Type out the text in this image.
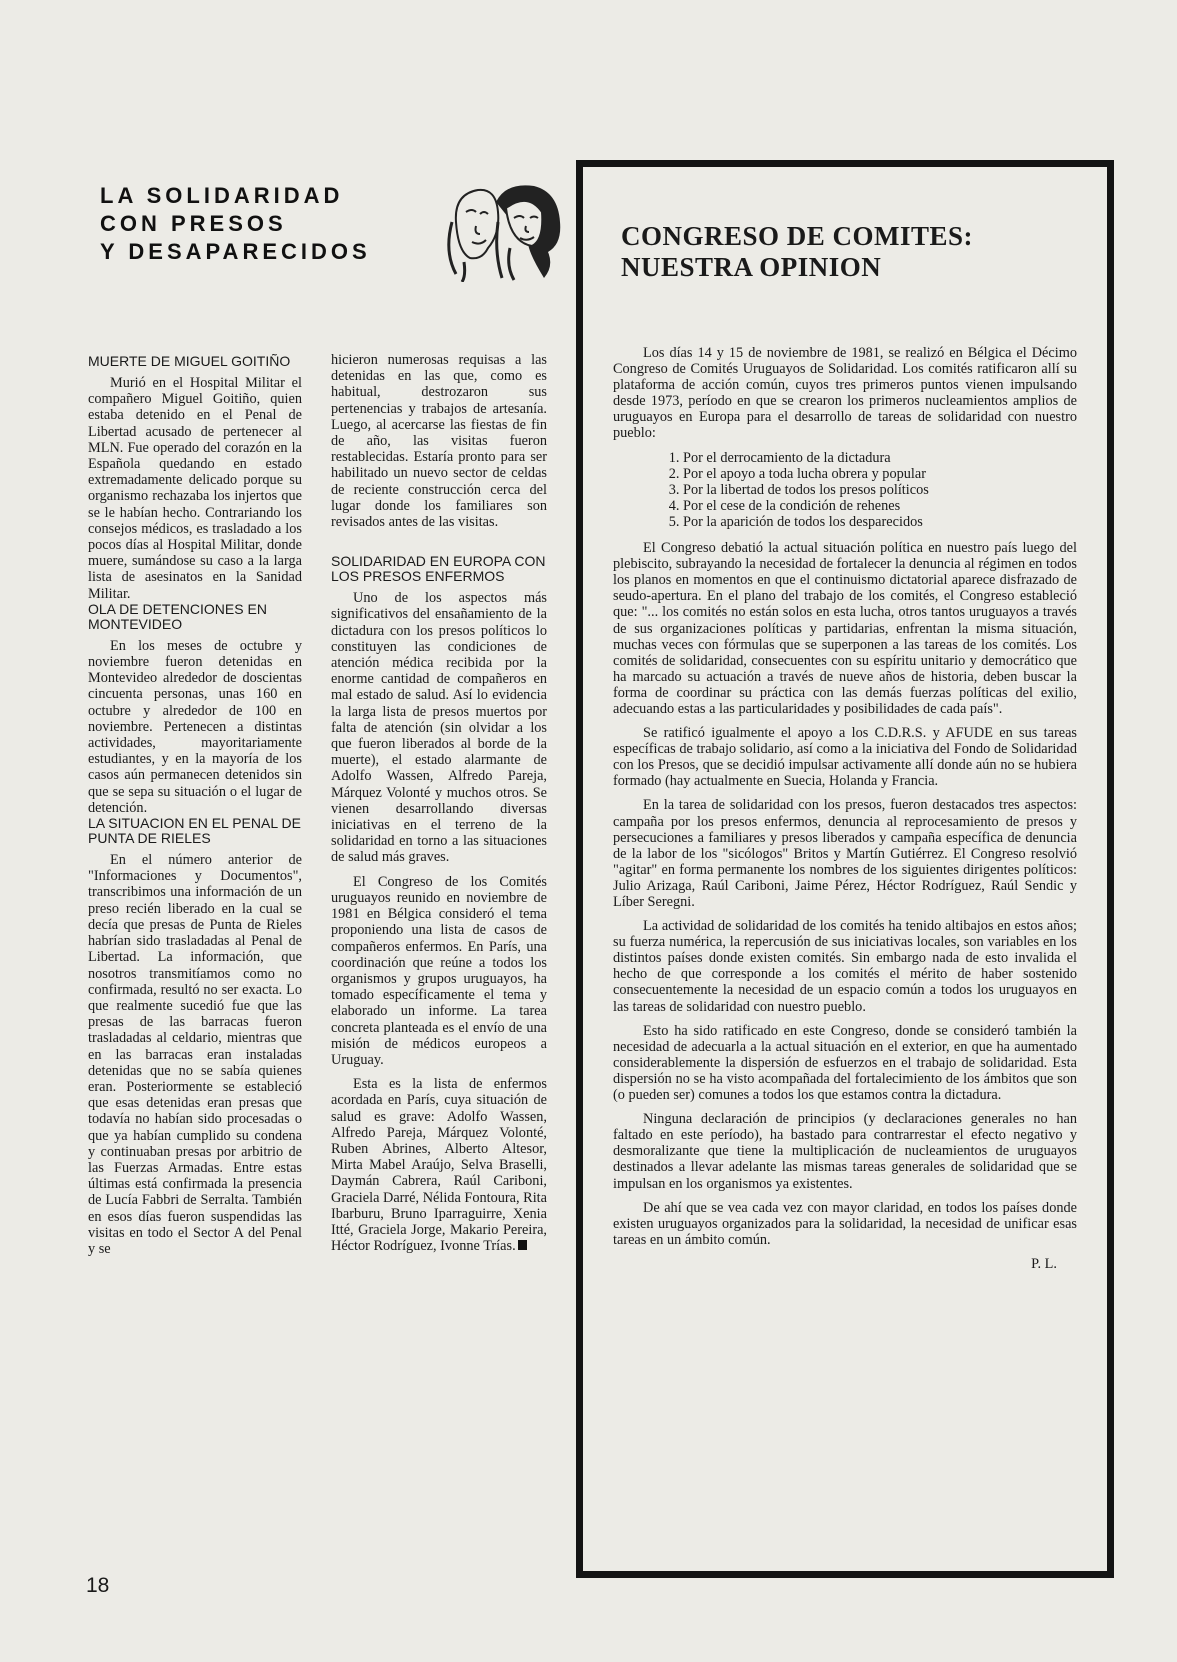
LA SOLIDARIDAD
CON PRESOS
Y DESAPARECIDOS
MUERTE DE MIGUEL GOITIÑO

Murió en el Hospital Militar el compañero Miguel Goitiño, quien estaba detenido en el Penal de Libertad acusado de pertenecer al MLN. Fue operado del corazón en la Española quedando en estado extremadamente delicado porque su organismo rechazaba los injertos que se le habían hecho. Contrariando los consejos médicos, es trasladado a los pocos días al Hospital Militar, donde muere, sumándose su caso a la larga lista de asesinatos en la Sanidad Militar.

OLA DE DETENCIONES EN MONTEVIDEO

En los meses de octubre y noviembre fueron detenidas en Montevideo alrededor de doscientas cincuenta personas, unas 160 en octubre y alrededor de 100 en noviembre. Pertenecen a distintas actividades, mayoritariamente estudiantes, y en la mayoría de los casos aún permanecen detenidos sin que se sepa su situación o el lugar de detención.

LA SITUACION EN EL PENAL DE PUNTA DE RIELES

En el número anterior de "Informaciones y Documentos", transcribimos una información de un preso recién liberado en la cual se decía que presas de Punta de Rieles habrían sido trasladadas al Penal de Libertad. La información, que nosotros transmitíamos como no confirmada, resultó no ser exacta. Lo que realmente sucedió fue que las presas de las barracas fueron trasladadas al celdario, mientras que en las barracas eran instaladas detenidas que no se sabía quienes eran. Posteriormente se estableció que esas detenidas eran presas que todavía no habían sido procesadas o que ya habían cumplido su condena y continuaban presas por arbitrio de las Fuerzas Armadas. Entre estas últimas está confirmada la presencia de Lucía Fabbri de Serralta. También en esos días fueron suspendidas las visitas en todo el Sector A del Penal y se

hicieron numerosas requisas a las detenidas en las que, como es habitual, destrozaron sus pertenencias y trabajos de artesanía. Luego, al acercarse las fiestas de fin de año, las visitas fueron restablecidas. Estaría pronto para ser habilitado un nuevo sector de celdas de reciente construcción cerca del lugar donde los familiares son revisados antes de las visitas.

SOLIDARIDAD EN EUROPA CON LOS PRESOS ENFERMOS

Uno de los aspectos más significativos del ensañamiento de la dictadura con los presos políticos lo constituyen las condiciones de atención médica recibida por la enorme cantidad de compañeros en mal estado de salud. Así lo evidencia la larga lista de presos muertos por falta de atención (sin olvidar a los que fueron liberados al borde de la muerte), el estado alarmante de Adolfo Wassen, Alfredo Pareja, Márquez Volonté y muchos otros. Se vienen desarrollando diversas iniciativas en el terreno de la solidaridad en torno a las situaciones de salud más graves.

El Congreso de los Comités uruguayos reunido en noviembre de 1981 en Bélgica consideró el tema proponiendo una lista de casos de compañeros enfermos. En París, una coordinación que reúne a todos los organismos y grupos uruguayos, ha tomado específicamente el tema y elaborado un informe. La tarea concreta planteada es el envío de una misión de médicos europeos a Uruguay.

Esta es la lista de enfermos acordada en París, cuya situación de salud es grave: Adolfo Wassen, Alfredo Pareja, Márquez Volonté, Ruben Abrines, Alberto Altesor, Mirta Mabel Araújo, Selva Braselli, Daymán Cabrera, Raúl Cariboni, Graciela Darré, Nélida Fontoura, Rita Ibarburu, Bruno Iparraguirre, Xenia Itté, Graciela Jorge, Makario Pereira, Héctor Rodríguez, Ivonne Trías.

CONGRESO DE COMITES:
NUESTRA OPINION

Los días 14 y 15 de noviembre de 1981, se realizó en Bélgica el Décimo Congreso de Comités Uruguayos de Solidaridad. Los comités ratificaron allí su plataforma de acción común, cuyos tres primeros puntos vienen impulsando desde 1973, período en que se crearon los primeros nucleamientos amplios de uruguayos en Europa para el desarrollo de tareas de solidaridad con nuestro pueblo:

1. Por el derrocamiento de la dictadura
2. Por el apoyo a toda lucha obrera y popular
3. Por la libertad de todos los presos políticos
4. Por el cese de la condición de rehenes
5. Por la aparición de todos los desparecidos

El Congreso debatió la actual situación política en nuestro país luego del plebiscito, subrayando la necesidad de fortalecer la denuncia al régimen en todos los planos en momentos en que el continuismo dictatorial aparece disfrazado de seudo-apertura. En el plano del trabajo de los comités, el Congreso estableció que: "... los comités no están solos en esta lucha, otros tantos uruguayos a través de sus organizaciones políticas y partidarias, enfrentan la misma situación, muchas veces con fórmulas que se superponen a las tareas de los comités. Los comités de solidaridad, consecuentes con su espíritu unitario y democrático que ha marcado su actuación a través de nueve años de historia, deben buscar la forma de coordinar su práctica con las demás fuerzas políticas del exilio, adecuando estas a las particularidades y posibilidades de cada país".

Se ratificó igualmente el apoyo a los C.D.R.S. y AFUDE en sus tareas específicas de trabajo solidario, así como a la iniciativa del Fondo de Solidaridad con los Presos, que se decidió impulsar activamente allí donde aún no se hubiera formado (hay actualmente en Suecia, Holanda y Francia.

En la tarea de solidaridad con los presos, fueron destacados tres aspectos: campaña por los presos enfermos, denuncia al reprocesamiento de presos y persecuciones a familiares y presos liberados y campaña específica de denuncia de la labor de los "sicólogos" Britos y Martín Gutiérrez. El Congreso resolvió "agitar" en forma permanente los nombres de los siguientes dirigentes políticos: Julio Arizaga, Raúl Cariboni, Jaime Pérez, Héctor Rodríguez, Raúl Sendic y Líber Seregni.

La actividad de solidaridad de los comités ha tenido altibajos en estos años; su fuerza numérica, la repercusión de sus iniciativas locales, son variables en los distintos países donde existen comités. Sin embargo nada de esto invalida el hecho de que corresponde a los comités el mérito de haber sostenido consecuentemente la necesidad de un espacio común a todos los uruguayos en las tareas de solidaridad con nuestro pueblo.

Esto ha sido ratificado en este Congreso, donde se consideró también la necesidad de adecuarla a la actual situación en el exterior, en que ha aumentado considerablemente la dispersión de esfuerzos en el trabajo de solidaridad. Esta dispersión no se ha visto acompañada del fortalecimiento de los ámbitos que son (o pueden ser) comunes a todos los que estamos contra la dictadura.

Ninguna declaración de principios (y declaraciones generales no han faltado en este período), ha bastado para contrarrestar el efecto negativo y desmoralizante que tiene la multiplicación de nucleamientos de uruguayos destinados a llevar adelante las mismas tareas generales de solidaridad que se impulsan en los organismos ya existentes.

De ahí que se vea cada vez con mayor claridad, en todos los países donde existen uruguayos organizados para la solidaridad, la necesidad de unificar esas tareas en un ámbito común.

P. L.
18
